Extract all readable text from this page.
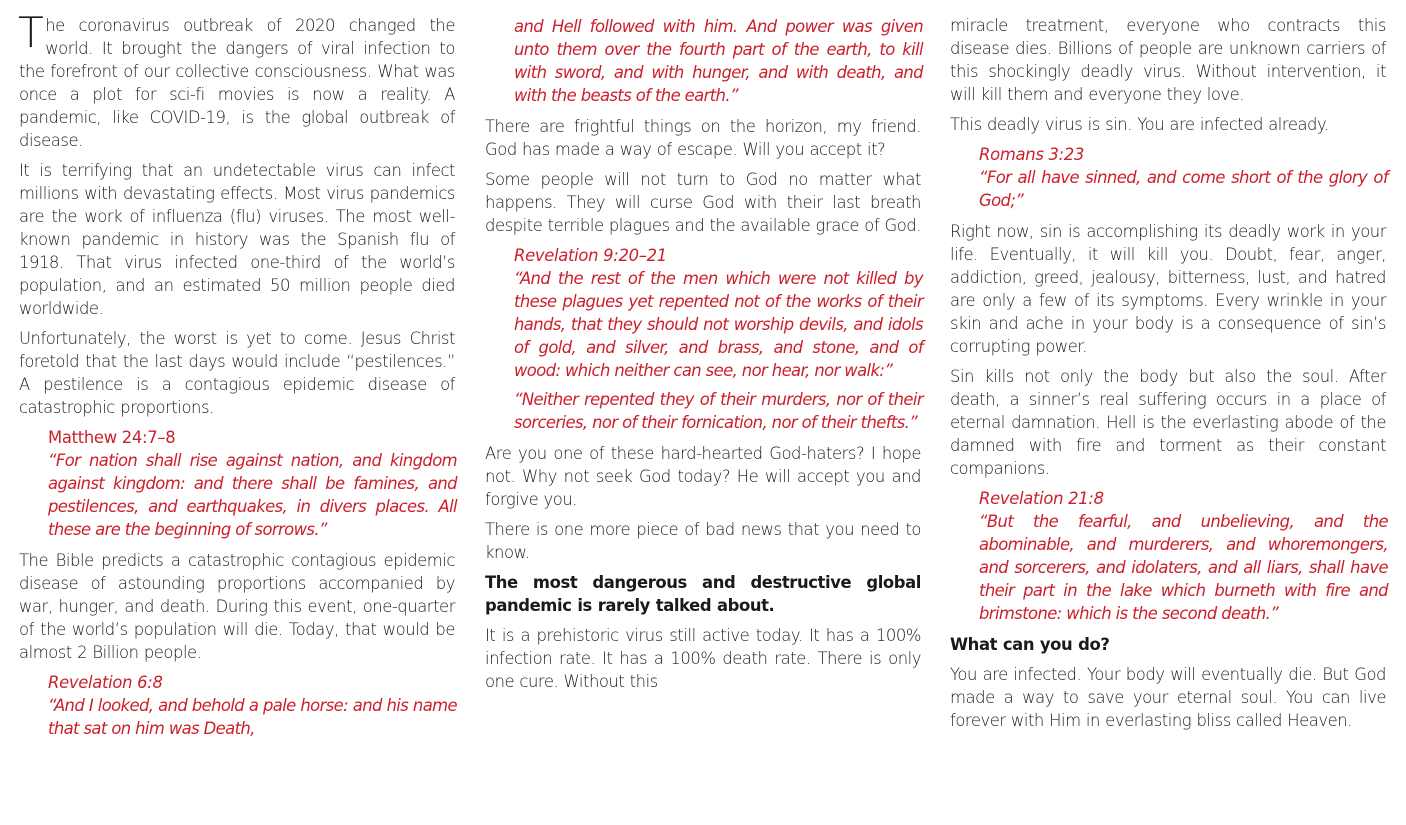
The coronavirus outbreak of 2020 changed the world. It brought the dangers of viral infection to the forefront of our collective consciousness. What was once a plot for sci-fi movies is now a reality. A pandemic, like COVID-19, is the global outbreak of disease.

It is terrifying that an undetectable virus can infect millions with devastating effects. Most virus pandemics are the work of influenza (flu) viruses. The most well-known pandemic in history was the Spanish flu of 1918. That virus infected one-third of the world’s population, and an estimated 50 million people died worldwide.

Unfortunately, the worst is yet to come. Jesus Christ foretold that the last days would include “pestilences.” A pestilence is a contagious epidemic disease of catastrophic proportions.

Matthew 24:7–8

“For nation shall rise against nation, and kingdom against kingdom: and there shall be famines, and pestilences, and earthquakes, in divers places. All these are the beginning of sorrows.”

The Bible predicts a catastrophic contagious epidemic disease of astounding proportions accompanied by war, hunger, and death. During this event, one-quarter of the world’s population will die. Today, that would be almost 2 Billion people.

Revelation 6:8

“And I looked, and behold a pale horse: and his name that sat on him was Death,

and Hell followed with him. And power was given unto them over the fourth part of the earth, to kill with sword, and with hunger, and with death, and with the beasts of the earth.”

There are frightful things on the horizon, my friend. God has made a way of escape. Will you accept it?

Some people will not turn to God no matter what happens. They will curse God with their last breath despite terrible plagues and the available grace of God.

Revelation 9:20–21

“And the rest of the men which were not killed by these plagues yet repented not of the works of their hands, that they should not worship devils, and idols of gold, and silver, and brass, and stone, and of wood: which neither can see, nor hear, nor walk:”

“Neither repented they of their murders, nor of their sorceries, nor of their fornication, nor of their thefts.”

Are you one of these hard-hearted God-haters? I hope not. Why not seek God today? He will accept you and forgive you.

There is one more piece of bad news that you need to know.

The most dangerous and destructive global pandemic is rarely talked about.

It is a prehistoric virus still active today. It has a 100% infection rate. It has a 100% death rate. There is only one cure. Without this

miracle treatment, everyone who contracts this disease dies. Billions of people are unknown carriers of this shockingly deadly virus. Without intervention, it will kill them and everyone they love.

This deadly virus is sin. You are infected already.

Romans 3:23

“For all have sinned, and come short of the glory of God;”

Right now, sin is accomplishing its deadly work in your life. Eventually, it will kill you. Doubt, fear, anger, addiction, greed, jealousy, bitterness, lust, and hatred are only a few of its symptoms. Every wrinkle in your skin and ache in your body is a consequence of sin’s corrupting power.

Sin kills not only the body but also the soul. After death, a sinner’s real suffering occurs in a place of eternal damnation. Hell is the everlasting abode of the damned with fire and torment as their constant companions.

Revelation 21:8

“But the fearful, and unbelieving, and the abominable, and murderers, and whoremongers, and sorcerers, and idolaters, and all liars, shall have their part in the lake which burneth with fire and brimstone: which is the second death.”

What can you do?

You are infected. Your body will eventually die. But God made a way to save your eternal soul. You can live forever with Him in everlasting bliss called Heaven.
